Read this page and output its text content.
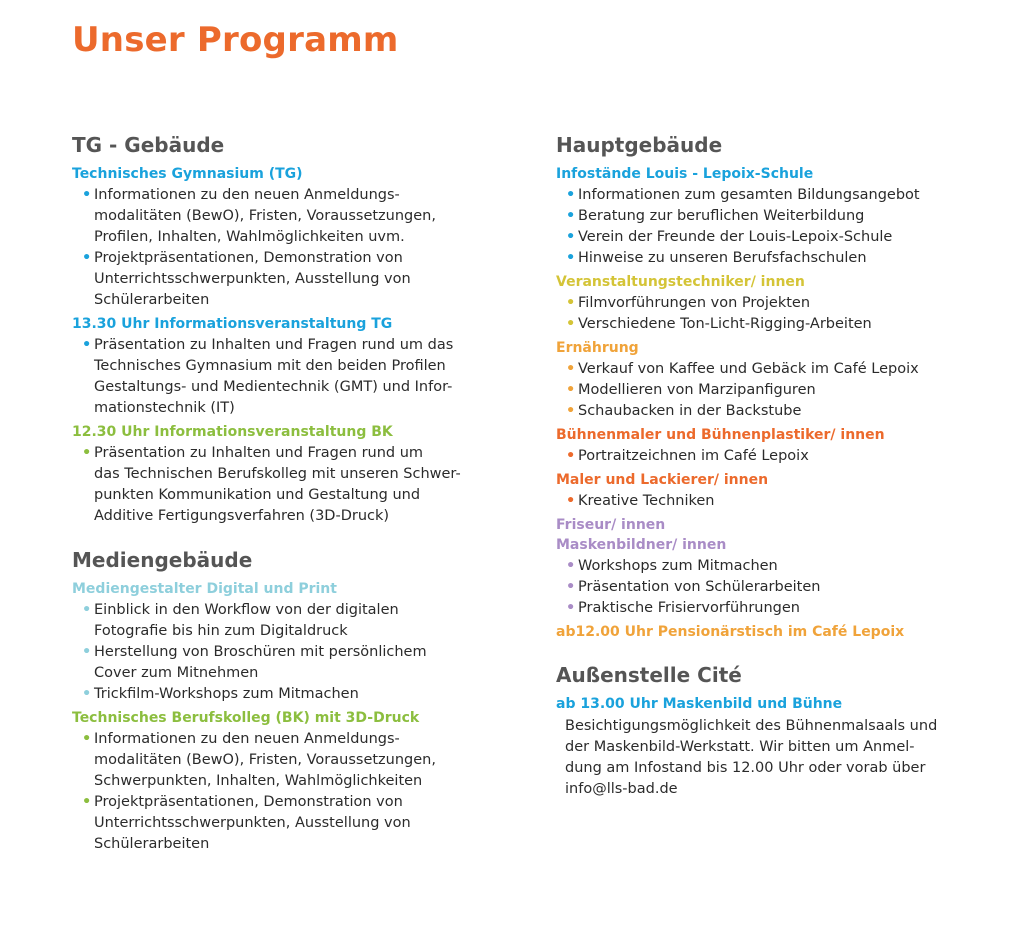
Unser Programm
TG - Gebäude
Technisches Gymnasium (TG)
• Informationen zu den neuen Anmeldungs-
modalitäten (BewO), Fristen, Voraussetzungen,
Profilen, Inhalten, Wahlmöglichkeiten uvm.
• Projektpräsentationen, Demonstration von
Unterrichtsschwerpunkten, Ausstellung von
Schülerarbeiten
13.30 Uhr Informationsveranstaltung TG
• Präsentation zu Inhalten und Fragen rund um das
Technisches Gymnasium mit den beiden Profilen
Gestaltungs- und Medientechnik (GMT) und Infor-
mationstechnik (IT)
12.30 Uhr Informationsveranstaltung BK
• Präsentation zu Inhalten und Fragen rund um
das Technischen Berufskolleg mit unseren Schwer-
punkten Kommunikation und Gestaltung und
Additive Fertigungsverfahren (3D-Druck)
Mediengebäude
Mediengestalter Digital und Print
• Einblick in den Workflow von der digitalen
Fotografie bis hin zum Digitaldruck
• Herstellung von Broschüren mit persönlichem
Cover zum Mitnehmen
• Trickfilm-Workshops zum Mitmachen
Technisches Berufskolleg (BK) mit 3D-Druck
• Informationen zu den neuen Anmeldungs-
modalitäten (BewO), Fristen, Voraussetzungen,
Schwerpunkten, Inhalten, Wahlmöglichkeiten
• Projektpräsentationen, Demonstration von
Unterrichtsschwerpunkten, Ausstellung von
Schülerarbeiten
Hauptgebäude
Infostände Louis - Lepoix-Schule
• Informationen zum gesamten Bildungsangebot
• Beratung zur beruflichen Weiterbildung
• Verein der Freunde der Louis-Lepoix-Schule
• Hinweise zu unseren Berufsfachschulen
Veranstaltungstechniker/ innen
• Filmvorführungen von Projekten
• Verschiedene Ton-Licht-Rigging-Arbeiten
Ernährung
• Verkauf von Kaffee und Gebäck im Café Lepoix
• Modellieren von Marzipanfiguren
• Schaubacken in der Backstube
Bühnenmaler und Bühnenplastiker/ innen
• Portraitzeichnen im Café Lepoix
Maler und Lackierer/ innen
• Kreative Techniken
Friseur/ innen
Maskenbildner/ innen
• Workshops zum Mitmachen
• Präsentation von Schülerarbeiten
• Praktische Frisiervorführungen
ab12.00 Uhr Pensionärstisch im Café Lepoix
Außenstelle Cité
ab 13.00 Uhr Maskenbild und Bühne
Besichtigungsmöglichkeit des Bühnenmalsaals und
der Maskenbild-Werkstatt. Wir bitten um Anmel-
dung am Infostand bis 12.00 Uhr oder vorab über
info@lls-bad.de
